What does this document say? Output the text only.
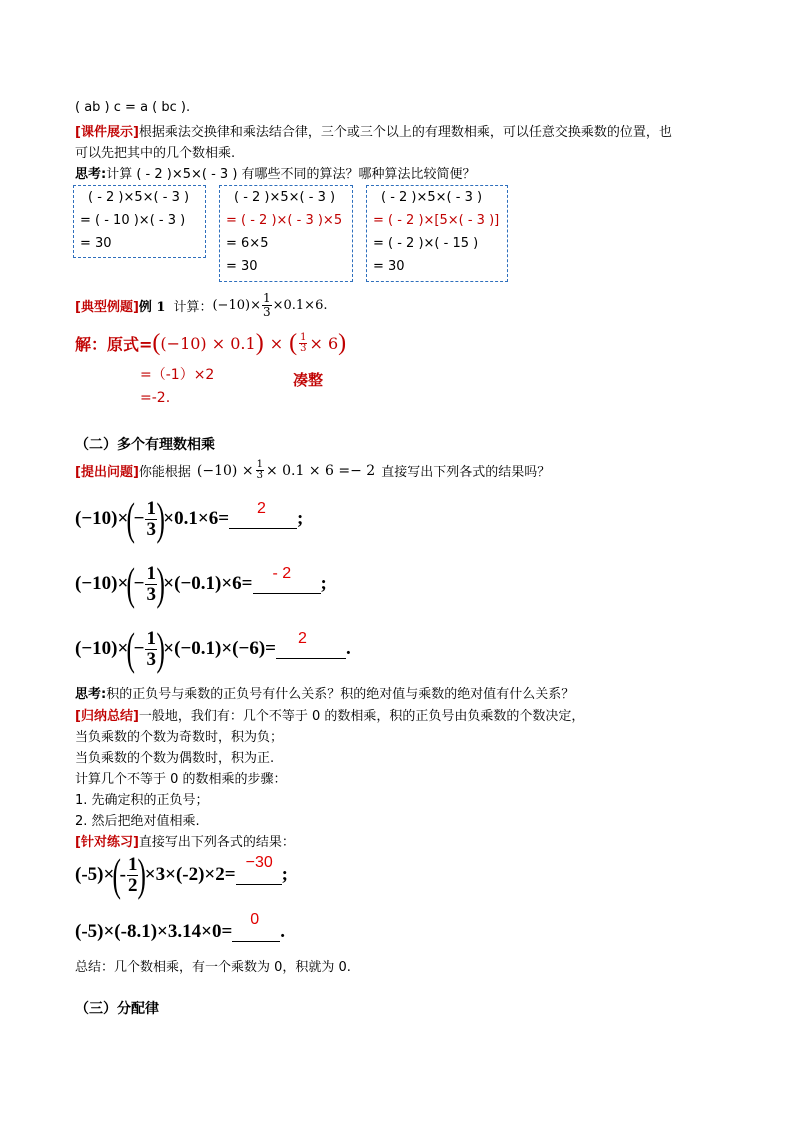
( ab ) c = a ( bc ).
[课件展示]根据乘法交换律和乘法结合律，三个或三个以上的有理数相乘，可以任意交换乘数的位置，也
可以先把其中的几个数相乘.
思考:计算 ( - 2 )×5×( - 3 ) 有哪些不同的算法？哪种算法比较简便？
( - 2 )×5×( - 3 )
= ( - 10 )×( - 3 )
= 30
( - 2 )×5×( - 3 )
= ( - 2 )×( - 3 )×5
= 6×5
= 30
( - 2 )×5×( - 3 )
= ( - 2 )×[5×( - 3 )]
= ( - 2 )×( - 15 )
= 30
[典型例题] 例 1 计算： $(-10)\times \frac{1}{3} \times 0.1\times 6$.
解：原式= ( (−10) × 0.1 ) × ( $\frac{1}{3} \times 6$ )
=（-1）×2	凑整
=-2.
（二）多个有理数相乘
[提出问题] 你能根据 $(-10) \times \frac{1}{3} \times 0.1 \times 6 =- 2$ 直接写出下列各式的结果吗？
(−10)×
(
− $\frac{1}{3}$ )
×0.1×6= 2 ;
(−10)×
(
− $\frac{1}{3}$ )
×(−0.1)×6= - 2 ;
(−10)×
(
− $\frac{1}{3}$ )
×(−0.1)×(−6)= 2 .
思考:积的正负号与乘数的正负号有什么关系？积的绝对值与乘数的绝对值有什么关系？
[归纳总结]一般地，我们有：几个不等于 0 的数相乘，积的正负号由负乘数的个数决定，
当负乘数的个数为奇数时，积为负；
当负乘数的个数为偶数时，积为正.
计算几个不等于 0 的数相乘的步骤：
1. 先确定积的正负号；
2. 然后把绝对值相乘.
[针对练习]直接写出下列各式的结果：
(-5)×
(
- $\frac{1}{2}$ )
×3×(-2)×2=
−30
;
(-5)×(-8.1)×3.14×0=
0
.
总结：几个数相乘，有一个乘数为 0，积就为 0.
（三）分配律
